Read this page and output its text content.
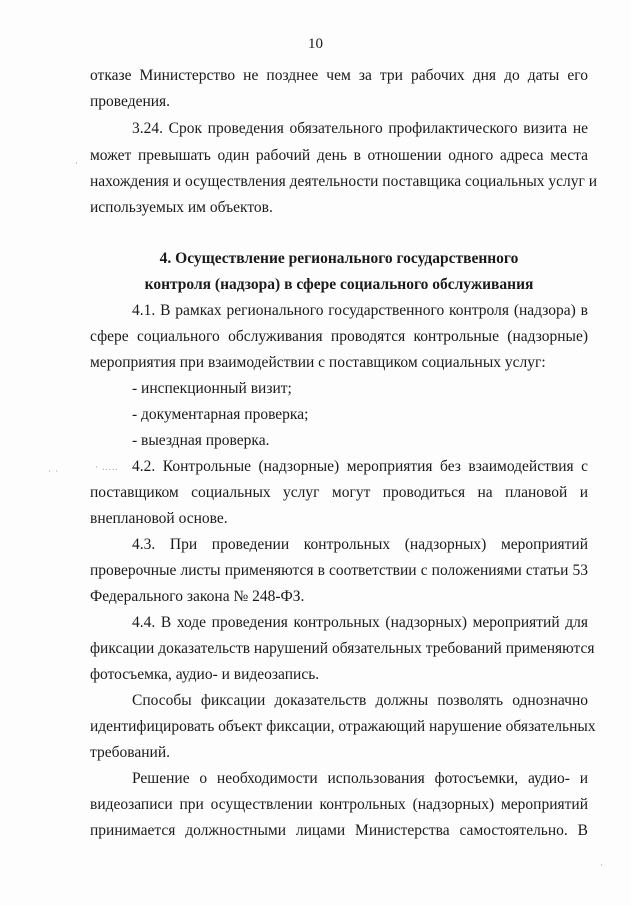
10
отказе Министерство не позднее чем за три рабочих дня до даты его
проведения.
3.24. Срок проведения обязательного профилактического визита не
может превышать один рабочий день в отношении одного адреса места
нахождения и осуществления деятельности поставщика социальных услуг и
используемых им объектов.
4. Осуществление регионального государственного
контроля (надзора) в сфере социального обслуживания
4.1. В рамках регионального государственного контроля (надзора) в
сфере социального обслуживания проводятся контрольные (надзорные)
мероприятия при взаимодействии с поставщиком социальных услуг:
- инспекционный визит;
- документарная проверка;
- выездная проверка.
4.2. Контрольные (надзорные) мероприятия без взаимодействия с
поставщиком социальных услуг могут проводиться на плановой и
внеплановой основе.
4.3. При проведении контрольных (надзорных) мероприятий
проверочные листы применяются в соответствии с положениями статьи 53
Федерального закона № 248-ФЗ.
4.4. В ходе проведения контрольных (надзорных) мероприятий для
фиксации доказательств нарушений обязательных требований применяются
фотосъемка, аудио- и видеозапись.
Способы фиксации доказательств должны позволять однозначно
идентифицировать объект фиксации, отражающий нарушение обязательных
требований.
Решение о необходимости использования фотосъемки, аудио- и
видеозаписи при осуществлении контрольных (надзорных) мероприятий
принимается должностными лицами Министерства самостоятельно. В
· ·	· .....
·
·
